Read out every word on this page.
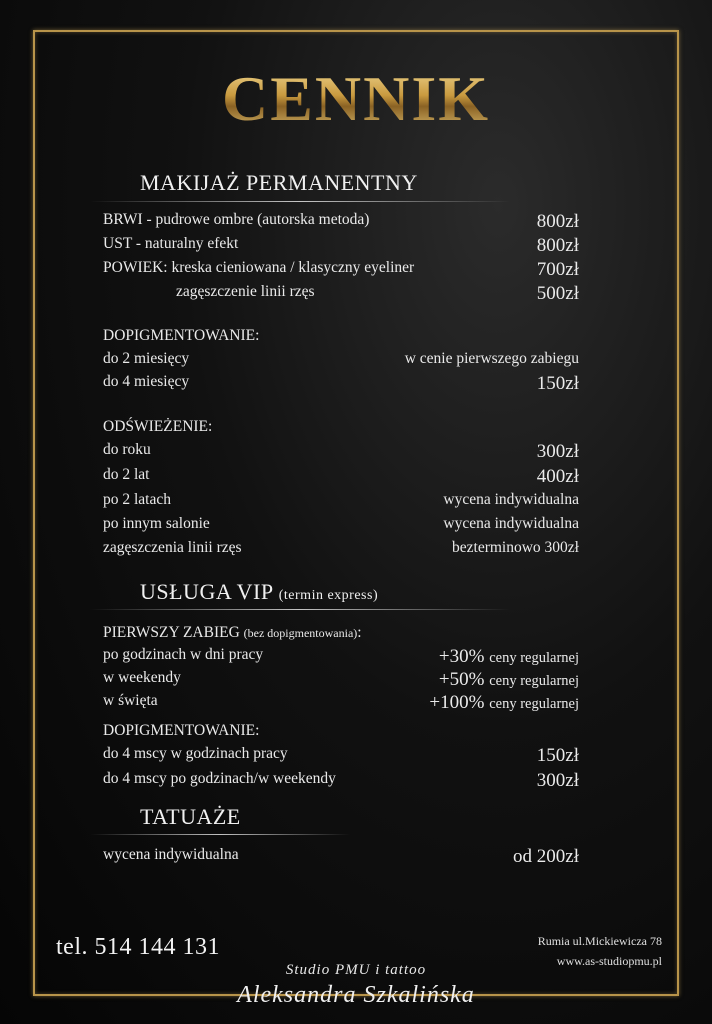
CENNIK
MAKIJAŻ PERMANENTNY
BRWI - pudrowe ombre (autorska metoda)	800zł
UST - naturalny efekt	800zł
POWIEK: kreska cieniowana / klasyczny eyeliner	700zł
zagęszczenie linii rzęs	500zł
DOPIGMENTOWANIE:
do 2 miesięcy	w cenie pierwszego zabiegu
do 4 miesięcy	150zł
ODŚWIEŻENIE:
do roku	300zł
do 2 lat	400zł
po 2 latach	wycena indywidualna
po innym salonie	wycena indywidualna
zagęszczenia linii rzęs	bezterminowo 300zł
USŁUGA VIP (termin express)
PIERWSZY ZABIEG (bez dopigmentowania):
po godzinach w dni pracy	+30% ceny regularnej
w weekendy	+50% ceny regularnej
w święta	+100% ceny regularnej
DOPIGMENTOWANIE:
do 4 mscy w godzinach pracy	150zł
do 4 mscy po godzinach/w weekendy	300zł
TATUAŻE
wycena indywidualna	od 200zł
tel. 514 144 131	Rumia ul.Mickiewicza 78
www.as-studiopmu.pl
Studio PMU i tattoo
Aleksandra Szkalińska
